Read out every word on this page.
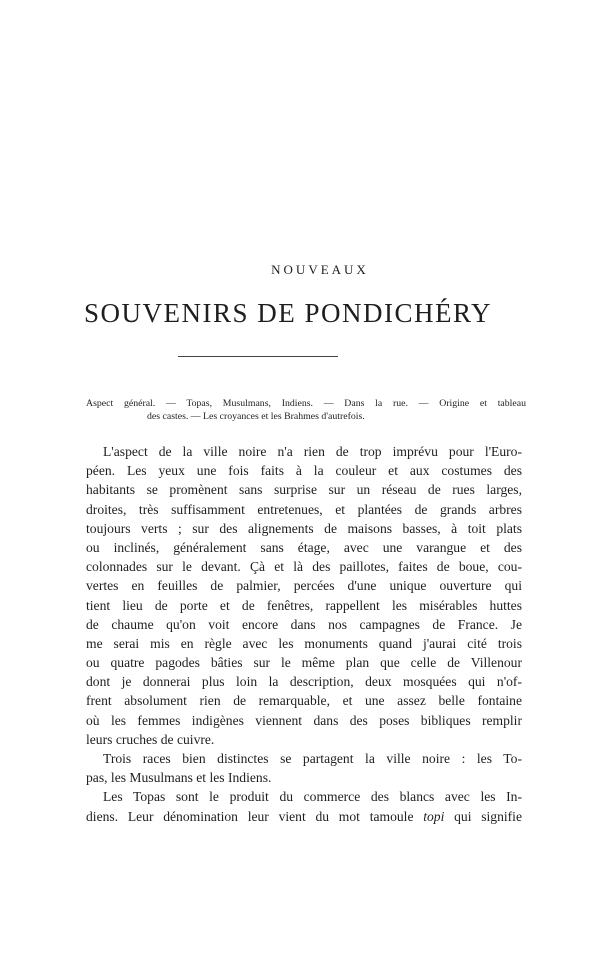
NOUVEAUX
SOUVENIRS DE PONDICHÉRY
Aspect général. — Topas, Musulmans, Indiens. — Dans la rue. — Origine et tableau
des castes. — Les croyances et les Brahmes d'autrefois.
L'aspect de la ville noire n'a rien de trop imprévu pour l'Euro-
péen. Les yeux une fois faits à la couleur et aux costumes des
habitants se promènent sans surprise sur un réseau de rues larges,
droites, très suffisamment entretenues, et plantées de grands arbres
toujours verts ; sur des alignements de maisons basses, à toit plats
ou inclinés, généralement sans étage, avec une varangue et des
colonnades sur le devant. Çà et là des paillotes, faites de boue, cou-
vertes en feuilles de palmier, percées d'une unique ouverture qui
tient lieu de porte et de fenêtres, rappellent les misérables huttes
de chaume qu'on voit encore dans nos campagnes de France. Je
me serai mis en règle avec les monuments quand j'aurai cité trois
ou quatre pagodes bâties sur le même plan que celle de Villenour
dont je donnerai plus loin la description, deux mosquées qui n'of-
frent absolument rien de remarquable, et une assez belle fontaine
où les femmes indigènes viennent dans des poses bibliques remplir
leurs cruches de cuivre.
Trois races bien distinctes se partagent la ville noire : les To-
pas, les Musulmans et les Indiens.
Les Topas sont le produit du commerce des blancs avec les In-
diens. Leur dénomination leur vient du mot tamoule topi qui signifie
